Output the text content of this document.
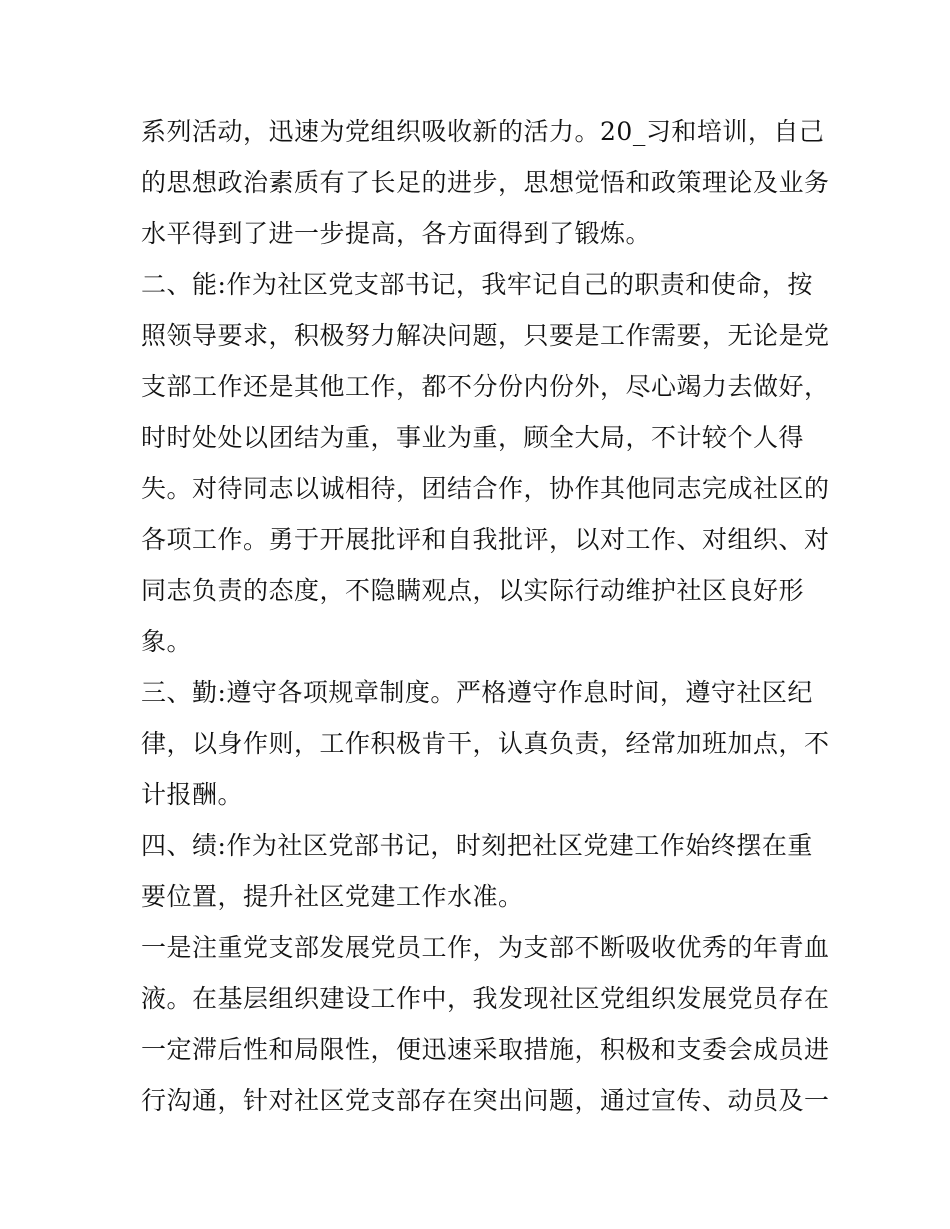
系列活动，迅速为党组织吸收新的活力。20_习和培训，自己
的思想政治素质有了长足的进步，思想觉悟和政策理论及业务
水平得到了进一步提高，各方面得到了锻炼。
二、能:作为社区党支部书记，我牢记自己的职责和使命，按
照领导要求，积极努力解决问题，只要是工作需要，无论是党
支部工作还是其他工作，都不分份内份外，尽心竭力去做好，
时时处处以团结为重，事业为重，顾全大局，不计较个人得
失。对待同志以诚相待，团结合作，协作其他同志完成社区的
各项工作。勇于开展批评和自我批评，以对工作、对组织、对
同志负责的态度，不隐瞒观点，以实际行动维护社区良好形
象。
三、勤:遵守各项规章制度。严格遵守作息时间，遵守社区纪
律，以身作则，工作积极肯干，认真负责，经常加班加点，不
计报酬。
四、绩:作为社区党部书记，时刻把社区党建工作始终摆在重
要位置，提升社区党建工作水准。
一是注重党支部发展党员工作，为支部不断吸收优秀的年青血
液。在基层组织建设工作中，我发现社区党组织发展党员存在
一定滞后性和局限性，便迅速采取措施，积极和支委会成员进
行沟通，针对社区党支部存在突出问题，通过宣传、动员及一
